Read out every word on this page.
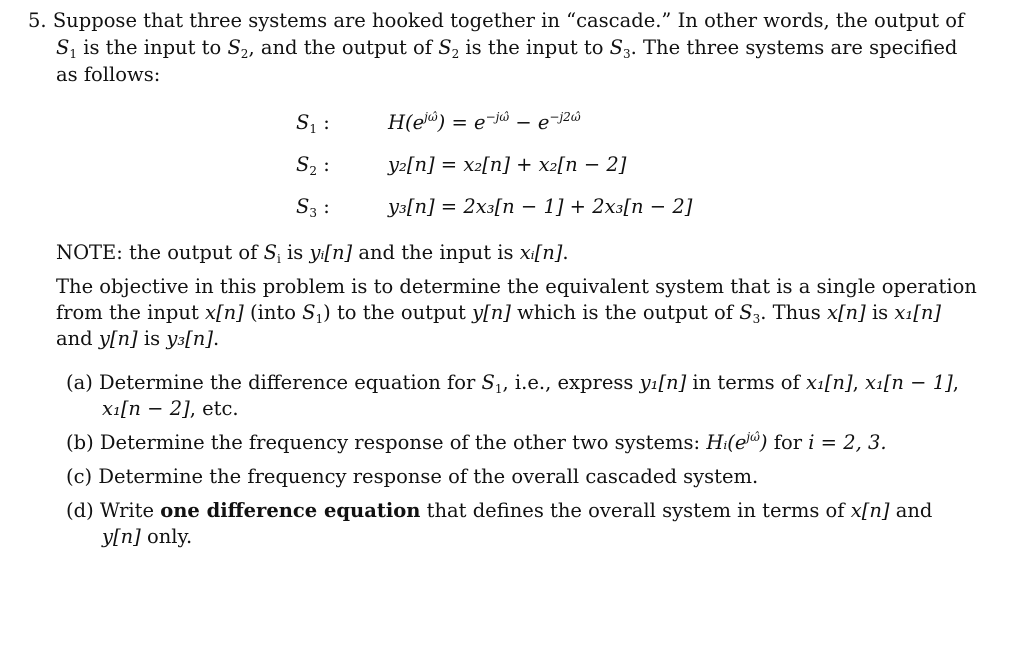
5. Suppose that three systems are hooked together in “cascade.” In other words, the output of
$S_1$ is the input to $S_2$, and the output of $S_2$ is the input to $S_3$. The three systems are specified
as follows:
$S_1$ :	$H(e^{j\omegâ}) = e^{-j\omegâ} - e^{-j2\omegâ}$
$S_2$ :	y₂[n] = x₂[n] + x₂[n − 2]
$S_3$ :	y₃[n] = 2x₃[n − 1] + 2x₃[n − 2]
NOTE: the output of $S_i$ is yᵢ[n] and the input is xᵢ[n].
The objective in this problem is to determine the equivalent system that is a single operation
from the input x[n] (into $S_1$) to the output y[n] which is the output of $S_3$. Thus x[n] is x₁[n]
and y[n] is y₃[n].
(a) Determine the difference equation for $S_1$, i.e., express y₁[n] in terms of x₁[n], x₁[n − 1],
x₁[n − 2], etc.
(b) Determine the frequency response of the other two systems: $Hᵢ(e^{j\omegâ})$ for i = 2, 3.
(c) Determine the frequency response of the overall cascaded system.
(d) Write one difference equation that defines the overall system in terms of x[n] and
y[n] only.
